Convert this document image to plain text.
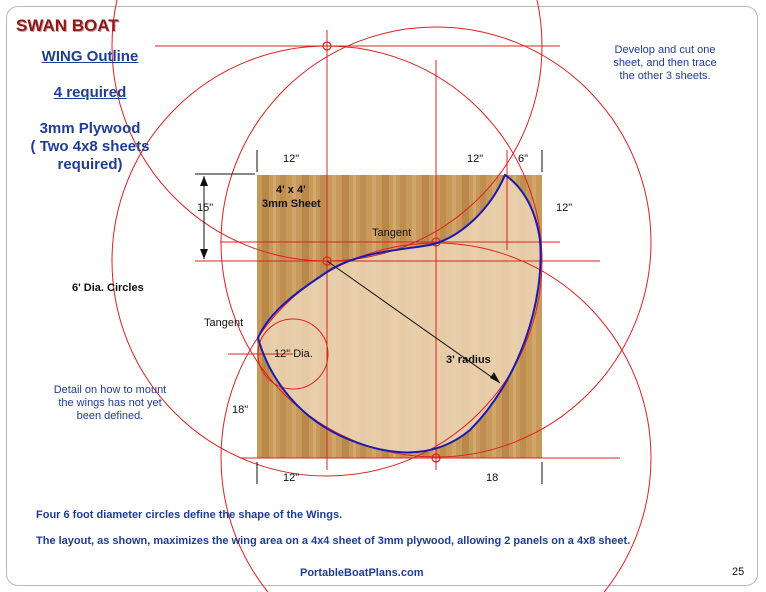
SWAN BOAT
WING Outline
4 required
3mm Plywood
( Two 4x8 sheets
required)
Develop and cut one
sheet, and then trace
the other 3 sheets.
Detail on how to mount
the wings has not yet
been defined.
6' Dia. Circles
4' x 4'
3mm Sheet
Tangent
Tangent
12" Dia.	3' radius
12"	12"	6"
12"
15"
18"
12"	18
Four 6 foot diameter circles define the shape of the Wings.
The layout, as shown, maximizes the wing area on a 4x4 sheet of 3mm plywood, allowing 2 panels on a 4x8 sheet.
PortableBoatPlans.com	25
